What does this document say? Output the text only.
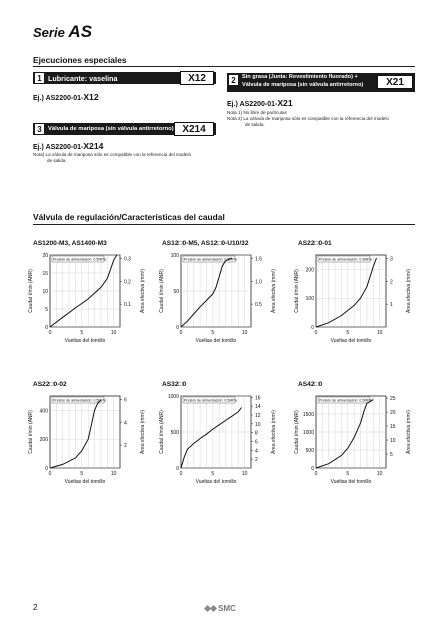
Serie AS
Ejecuciones especiales
1 Lubricante: vaselina	X12
Ej.) AS2200-01-X12
2	Sin grasa (Junta: Revestimiento fluorado) +
Válvula de mariposa (sin válvula antirretorno)	X21
Ej.) AS2200-01-X21
Nota 1) No libre de partículas
Nota 2) La válvula de mariposa sólo es compatible con la referencia del modelo
de salida.
3	Válvula de mariposa (sin válvula antirretorno) X214
Ej.) AS2200-01-X214
Nota) La válvula de mariposa sólo es compatible con la referencia del modelo
de salida.
Válvula de regulación/Características del caudal
AS1200-M3, AS1400-M3	AS12□0-M5, AS12□0-U10/32	AS22□0-01
AS22□0-02	AS32□0	AS42□0
0
5
10
15
20
0	5	10
0.1
0.2
0.3
Presión de alimentación: 0.5MPa
Vueltas del tornillo
Caudal ℓ/min (ANR)	Área efectiva (mm²)
0
50
100
0	5	10
0.5
1.0
1.5
Presión de alimentación: 0.5MPa
Vueltas del tornillo
Caudal ℓ/min (ANR)	Área efectiva (mm²)
0
100
200
0	5	10
1
2
3
Presión de alimentación: 0.5MPa
Vueltas del tornillo
Caudal ℓ/min (ANR)	Área efectiva (mm²)
0
200
400
0	5	10
2
4
6
Presión de alimentación: 0.5MPa
Vueltas del tornillo
Caudal ℓ/min (ANR)	Área efectiva (mm²)
0
500
1000
0	5	10
2
4
6
8
10
12
14
16
Presión de alimentación: 0.5MPa
Vueltas del tornillo
Caudal ℓ/min (ANR)	Área efectiva (mm²)
0
500
1000
1500
0	5	10
5
10
15
20
25
Presión de alimentación: 0.5MPa
Vueltas del tornillo
Caudal ℓ/min (ANR)	Área efectiva (mm²)
2	SMC
